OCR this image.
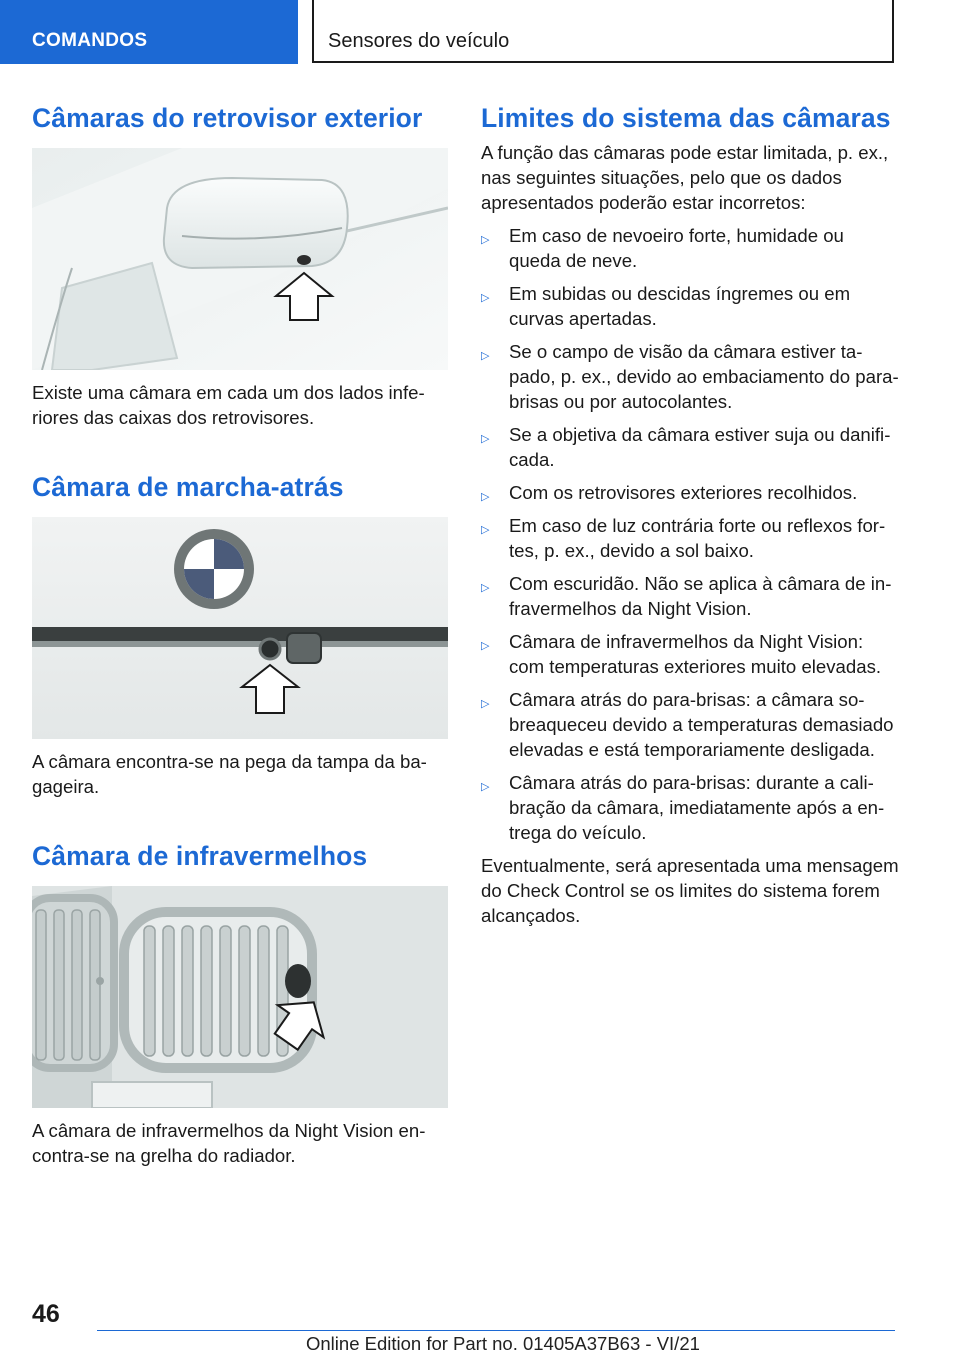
COMANDOS	Sensores do veículo
Câmaras do retrovisor exterior

Existe uma câmara em cada um dos lados inferiores das caixas dos retrovisores.

Câmara de marcha-atrás

A câmara encontra-se na pega da tampa da bagageira.

Câmara de infravermelhos

A câmara de infravermelhos da Night Vision encontra-se na grelha do radiador.

Limites do sistema das câmaras

A função das câmaras pode estar limitada, p. ex., nas seguintes situações, pelo que os dados apresentados poderão estar incorretos:

▷ Em caso de nevoeiro forte, humidade ou queda de neve.
▷ Em subidas ou descidas íngremes ou em curvas apertadas.
▷ Se o campo de visão da câmara estiver tapado, p. ex., devido ao embaciamento do para-brisas ou por autocolantes.
▷ Se a objetiva da câmara estiver suja ou danificada.
▷ Com os retrovisores exteriores recolhidos.
▷ Em caso de luz contrária forte ou reflexos fortes, p. ex., devido a sol baixo.
▷ Com escuridão. Não se aplica à câmara de infravermelhos da Night Vision.
▷ Câmara de infravermelhos da Night Vision: com temperaturas exteriores muito elevadas.
▷ Câmara atrás do para-brisas: a câmara sobreaqueceu devido a temperaturas demasiado elevadas e está temporariamente desligada.
▷ Câmara atrás do para-brisas: durante a calibração da câmara, imediatamente após a entrega do veículo.

Eventualmente, será apresentada uma mensagem do Check Control se os limites do sistema forem alcançados.

46
Online Edition for Part no. 01405A37B63 - VI/21
